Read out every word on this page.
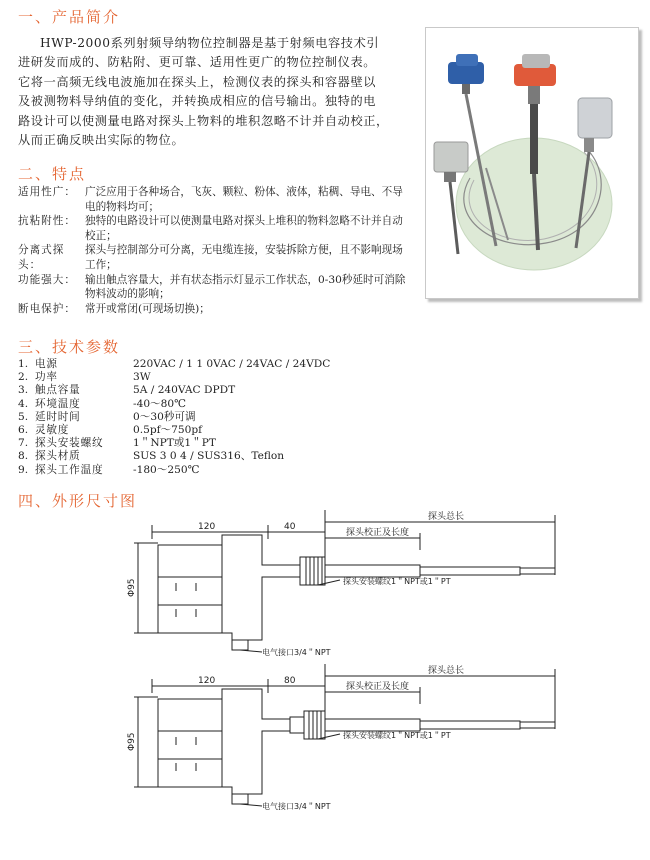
一、产品简介

HWP-2000系列射频导纳物位控制器是基于射频电容技术引

进研发而成的、防粘附、更可靠、适用性更广的物位控制仪表。

它将一高频无线电波施加在探头上，检测仪表的探头和容器壁以

及被测物料导纳值的变化，并转换成相应的信号输出。独特的电

路设计可以使测量电路对探头上物料的堆积忽略不计并自动校正，

从而正确反映出实际的物位。

二、特点
适用性广： 广泛应用于各种场合，飞灰、颗粒、粉体、液体，粘稠、导电、不导电的物料均可；
抗粘附性： 独特的电路设计可以使测量电路对探头上堆积的物料忽略不计并自动校正；
分离式探头：
探头与控制部分可分离，无电缆连接，安装拆除方便，且不影响现场工作；
功能强大： 输出触点容量大，并有状态指示灯显示工作状态，0-30秒延时可消除物料波动的影响；
断电保护： 常开或常闭(可现场切换)；
三、技术参数
1. 电源	220VAC / 1 1 0VAC / 24VAC / 24VDC
2. 功率	3W
3. 触点容量	5A / 240VAC DPDT
4. 环境温度	-40～80℃
5. 延时时间	0～30秒可调
6. 灵敏度	0.5pf～750pf
7. 探头安装螺纹	1＂NPT或1＂PT
8. 探头材质	SUS 3 0 4 / SUS316、Teflon
9. 探头工作温度	-180～250℃
四、外形尺寸图
120	40
探头总长
探头校正及长度
Φ95
电气接口3/4＂NPT
探头安装螺纹1＂NPT或1＂PT
120	80
探头总长
探头校正及长度
Φ95
电气接口3/4＂NPT
探头安装螺纹1＂NPT或1＂PT
